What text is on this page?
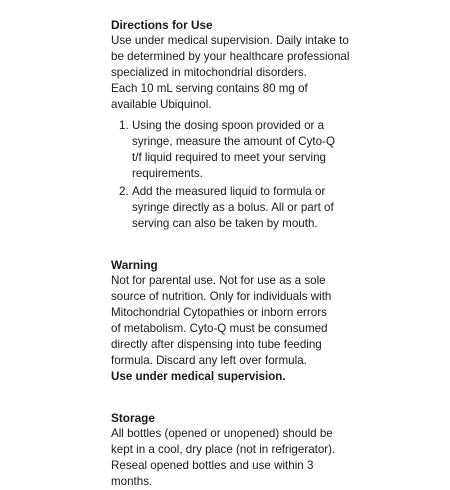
Directions for Use
Use under medical supervision. Daily intake to
be determined by your healthcare professional
specialized in mitochondrial disorders.
Each 10 mL serving contains 80 mg of
available Ubiquinol.
1. Using the dosing spoon provided or a
syringe, measure the amount of Cyto-Q
t/f liquid required to meet your serving
requirements.
2. Add the measured liquid to formula or
syringe directly as a bolus. All or part of
serving can also be taken by mouth.
Warning
Not for parental use. Not for use as a sole
source of nutrition. Only for individuals with
Mitochondrial Cytopathies or inborn errors
of metabolism. Cyto-Q must be consumed
directly after dispensing into tube feeding
formula. Discard any left over formula.
Use under medical supervision.
Storage
All bottles (opened or unopened) should be
kept in a cool, dry place (not in refrigerator).
Reseal opened bottles and use within 3
months.
